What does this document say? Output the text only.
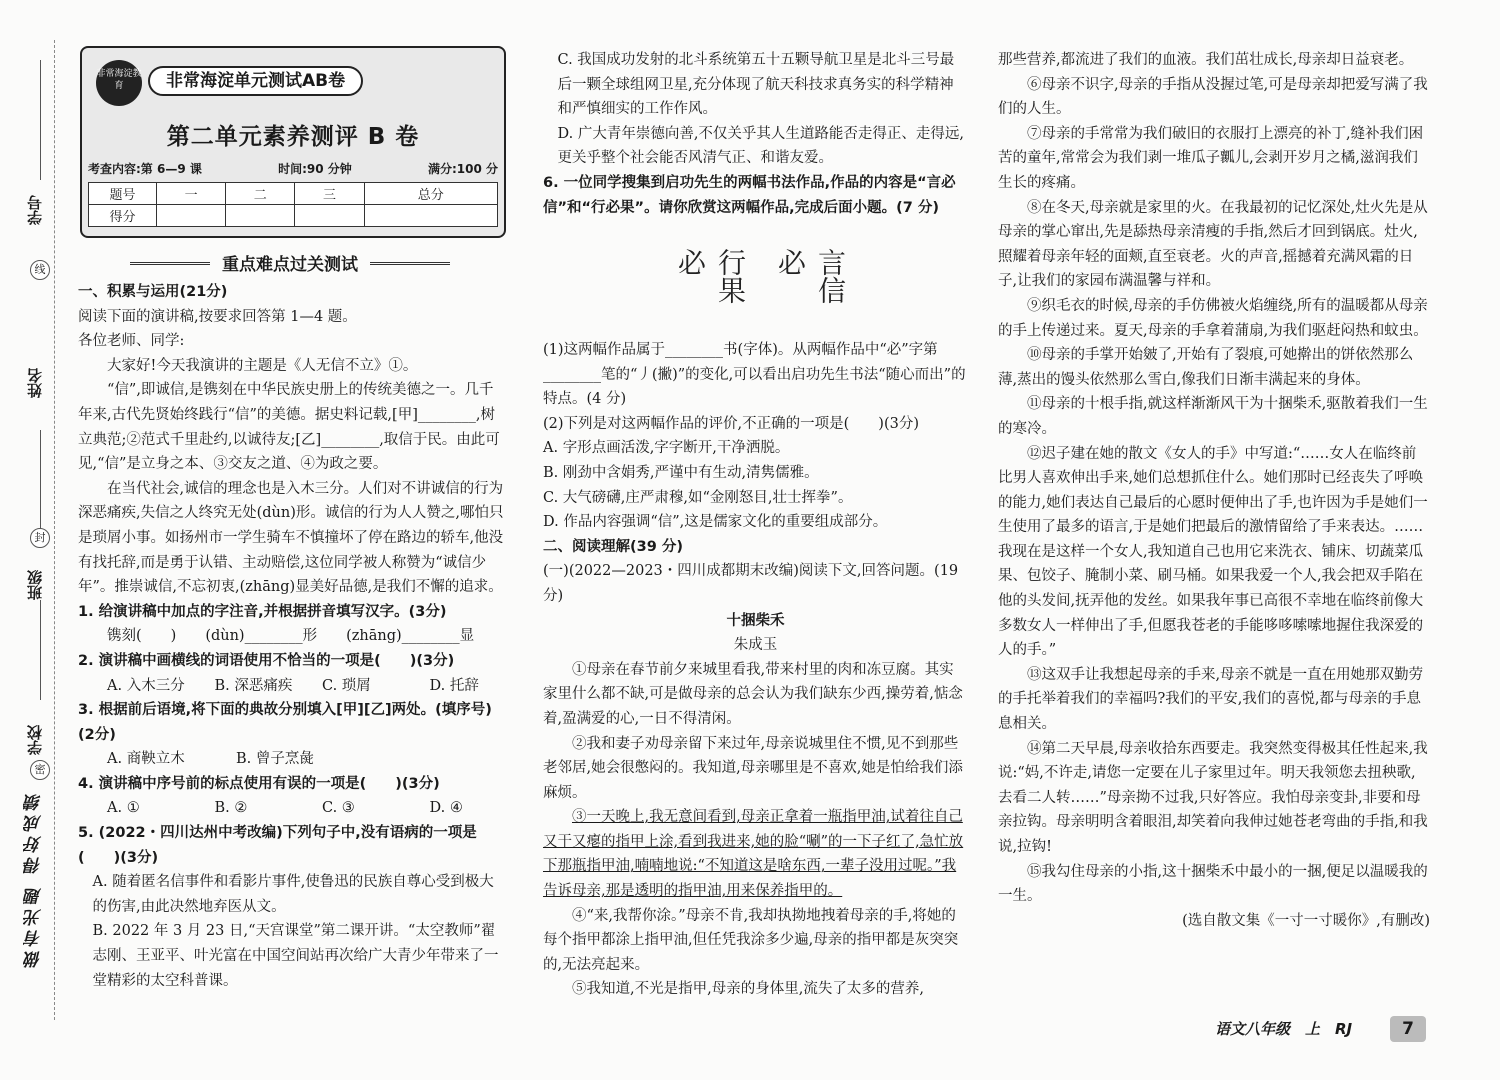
学号
线
姓名
封
班级
学校
密
做有光题 得好成绩
非常海淀教育	非常海淀单元测试AB卷
第二单元素养测评 B 卷
考查内容:第 6—9 课	时间:90 分钟	满分:100 分
题号	一	二	三	总分
得分				
重点难点过关测试
一、积累与运用(21分)
阅读下面的演讲稿,按要求回答第 1—4 题。
各位老师、同学:
大家好!今天我演讲的主题是《人无信不立》①。
“信”,即诚信,是镌刻在中华民族史册上的传统美德之一。几千年来,古代先贤始终践行“信”的美德。据史料记载,[甲]________,树立典范;②范式千里赴约,以诚待友;[乙]________,取信于民。由此可见,“信”是立身之本、③交友之道、④为政之要。
在当代社会,诚信的理念也是入木三分。人们对不讲诚信的行为深恶痛疾,失信之人终究无处(dùn)形。诚信的行为人人赞之,哪怕只是琐屑小事。如扬州市一学生骑车不慎撞坏了停在路边的轿车,他没有找托辞,而是勇于认错、主动赔偿,这位同学被人称赞为“诚信少年”。推崇诚信,不忘初衷,(zhāng)显美好品德,是我们不懈的追求。
1. 给演讲稿中加点的字注音,并根据拼音填写汉字。(3分)
镌刻(　　)　　(dùn)________形　　(zhāng)________显
2. 演讲稿中画横线的词语使用不恰当的一项是(　　)(3分)
A. 入木三分	B. 深恶痛疾	C. 琐屑	D. 托辞
3. 根据前后语境,将下面的典故分别填入[甲][乙]两处。(填序号)(2分)
A. 商鞅立木	B. 曾子烹彘
4. 演讲稿中序号前的标点使用有误的一项是(　　)(3分)
A. ①	B. ②	C. ③	D. ④
5. (2022・四川达州中考改编)下列句子中,没有语病的一项是(　　)(3分)
A. 随着匿名信事件和看影片事件,使鲁迅的民族自尊心受到极大的伤害,由此决然地弃医从文。
B. 2022 年 3 月 23 日,“天宫课堂”第二课开讲。“太空教师”翟志刚、王亚平、叶光富在中国空间站再次给广大青少年带来了一堂精彩的太空科普课。
C. 我国成功发射的北斗系统第五十五颗导航卫星是北斗三号最后一颗全球组网卫星,充分体现了航天科技求真务实的科学精神和严慎细实的工作作风。
D. 广大青年崇德向善,不仅关乎其人生道路能否走得正、走得远,更关乎整个社会能否风清气正、和谐友爱。
6. 一位同学搜集到启功先生的两幅书法作品,作品的内容是“言必信”和“行必果”。请你欣赏这两幅作品,完成后面小题。(7 分)
(1)这两幅作品属于________书(字体)。从两幅作品中“必”字第________笔的“丿(撇)”的变化,可以看出启功先生书法“随心而出”的特点。(4 分)
(2)下列是对这两幅作品的评价,不正确的一项是(　　)(3分)
A. 字形点画活泼,字字断开,干净洒脱。
B. 刚劲中含娟秀,严谨中有生动,清隽儒雅。
C. 大气磅礴,庄严肃穆,如“金刚怒目,壮士挥拳”。
D. 作品内容强调“信”,这是儒家文化的重要组成部分。
二、阅读理解(39 分)
(一)(2022—2023・四川成都期末改编)阅读下文,回答问题。(19 分)
十捆柴禾
朱成玉
①母亲在春节前夕来城里看我,带来村里的肉和冻豆腐。其实家里什么都不缺,可是做母亲的总会认为我们缺东少西,操劳着,惦念着,盈满爱的心,一日不得清闲。
②我和妻子劝母亲留下来过年,母亲说城里住不惯,见不到那些老邻居,她会很憋闷的。我知道,母亲哪里是不喜欢,她是怕给我们添麻烦。
③一天晚上,我无意间看到,母亲正拿着一瓶指甲油,试着往自己又干又瘪的指甲上涂,看到我进来,她的脸“唰”的一下子红了,急忙放下那瓶指甲油,喃喃地说:“不知道这是啥东西,一辈子没用过呢。”我告诉母亲,那是透明的指甲油,用来保养指甲的。
④“来,我帮你涂。”母亲不肯,我却执拗地拽着母亲的手,将她的每个指甲都涂上指甲油,但任凭我涂多少遍,母亲的指甲都是灰突突的,无法亮起来。
⑤我知道,不光是指甲,母亲的身体里,流失了太多的营养,
行果必	言信必
那些营养,都流进了我们的血液。我们茁壮成长,母亲却日益衰老。
⑥母亲不识字,母亲的手指从没握过笔,可是母亲却把爱写满了我们的人生。
⑦母亲的手常常为我们破旧的衣服打上漂亮的补丁,缝补我们困苦的童年,常常会为我们剥一堆瓜子瓤儿,会剥开岁月之橘,滋润我们生长的疼痛。
⑧在冬天,母亲就是家里的火。在我最初的记忆深处,灶火先是从母亲的掌心窜出,先是舔热母亲清瘦的手指,然后才回到锅底。灶火,照耀着母亲年轻的面颊,直至衰老。火的声音,摇撼着充满风霜的日子,让我们的家园布满温馨与祥和。
⑨织毛衣的时候,母亲的手仿佛被火焰缠绕,所有的温暖都从母亲的手上传递过来。夏天,母亲的手拿着蒲扇,为我们驱赶闷热和蚊虫。
⑩母亲的手掌开始皴了,开始有了裂痕,可她擀出的饼依然那么薄,蒸出的馒头依然那么雪白,像我们日渐丰满起来的身体。
⑪母亲的十根手指,就这样渐渐风干为十捆柴禾,驱散着我们一生的寒冷。
⑫迟子建在她的散文《女人的手》中写道:“……女人在临终前比男人喜欢伸出手来,她们总想抓住什么。她们那时已经丧失了呼唤的能力,她们表达自己最后的心愿时便伸出了手,也许因为手是她们一生使用了最多的语言,于是她们把最后的激情留给了手来表达。……我现在是这样一个女人,我知道自己也用它来洗衣、铺床、切蔬菜瓜果、包饺子、腌制小菜、刷马桶。如果我爱一个人,我会把双手陷在他的头发间,抚弄他的发丝。如果我年事已高很不幸地在临终前像大多数女人一样伸出了手,但愿我苍老的手能哆哆嗦嗦地握住我深爱的人的手。”
⑬这双手让我想起母亲的手来,母亲不就是一直在用她那双勤劳的手托举着我们的幸福吗?我们的平安,我们的喜悦,都与母亲的手息息相关。
⑭第二天早晨,母亲收拾东西要走。我突然变得极其任性起来,我说:“妈,不许走,请您一定要在儿子家里过年。明天我领您去扭秧歌,去看二人转……”母亲拗不过我,只好答应。我怕母亲变卦,非要和母亲拉钩。母亲明明含着眼泪,却笑着向我伸过她苍老弯曲的手指,和我说,拉钩!
⑮我勾住母亲的小指,这十捆柴禾中最小的一捆,便足以温暖我的一生。
(选自散文集《一寸一寸暖你》,有删改)
语文八年级　上　RJ	7
